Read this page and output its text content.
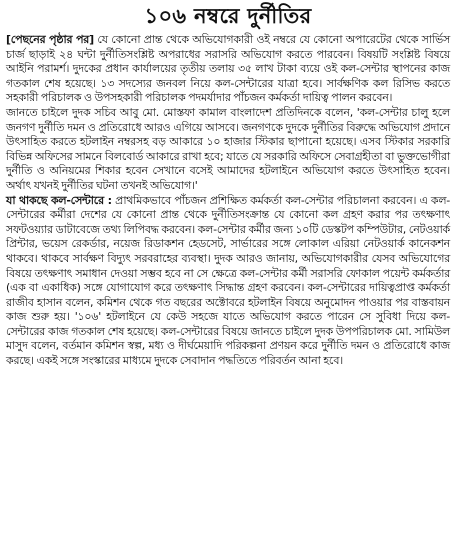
১০৬ নম্বরে দুর্নীতির

[পেছনের পৃষ্ঠার পর] যে কোনো প্রান্ত থেকে অভিযোগকারী ওই নম্বরে যে কোনো অপারেটের থেকে সার্ভিস চার্জ ছাড়াই ২৪ ঘন্টা দুর্নীতিসংশ্লিষ্ট অপরাধের সরাসরি অভিযোগ করতে পারবেন। বিষয়টি সংশ্লিষ্ট বিষয়ে আইনি পরামর্শ। দুদকের প্রধান কার্যালয়ের তৃতীয় তলায় ৩৫ লাখ টাকা ব্যয়ে ওই কল-সেন্টার স্থাপনের কাজ গতকাল শেষ হয়েছে। ১৩ সদস্যের জনবল নিয়ে কল-সেন্টারের যাত্রা হবে। সার্বক্ষণিক কল রিসিভ করতে সহকারী পরিচালক ও উপসহকারী পরিচালক পদমর্যাদার পাঁচজন কর্মকর্তা দায়িত্ব পালন করবেন।

জানতে চাইলে দুদক সচিব আবু মো. মোস্তফা কামাল বাংলাদেশ প্রতিদিনকে বলেন, 'কল-সেন্টার চালু হলে জনগণ দুর্নীতি দমন ও প্রতিরোধে আরও এগিয়ে আসবে। জনগণকে দুদকে দুর্নীতির বিরুদ্ধে অভিযোগ প্রদানে উৎসাহিত করতে হটলাইন নম্বরসহ বড় আকারে ১০ হাজার স্টিকার ছাপানো হয়েছে। এসব স্টিকার সরকারি বিভিন্ন অফিসের সামনে বিলবোর্ড আকারে রাখা হবে; যাতে যে সরকারি অফিসে সেবাগ্রহীতা বা ভুক্তভোগীরা দুর্নীতি ও অনিয়মের শিকার হবেন সেখানে বসেই আমাদের হটলাইনে অভিযোগ করতে উৎসাহিত হবেন। অর্থাৎ যখনই দুর্নীতির ঘটনা তখনই অভিযোগ।'

যা থাকছে কল-সেন্টারে : প্রাথমিকভাবে পাঁচজন প্রশিক্ষিত কর্মকর্তা কল-সেন্টার পরিচালনা করবেন। এ কল-সেন্টারের কর্মীরা দেশের যে কোনো প্রান্ত থেকে দুর্নীতিসংক্রান্ত যে কোনো কল গ্রহণ করার পর তৎক্ষণাৎ সফটওয়্যার ডাটাবেজে তথ্য লিপিবদ্ধ করবেন। কল-সেন্টার কর্মীর জন্য ১০টি ডেস্কটপ কম্পিউটার, নেটওয়ার্ক প্রিন্টার, ভয়েস রেকর্ডার, নয়েজ রিডাকশন হেডসেট, সার্ভারের সঙ্গে লোকাল এরিয়া নেটওয়ার্ক কানেকশন থাকবে। থাকবে সার্বক্ষণ বিদ্যুৎ সরবরাহের ব্যবস্থা। দুদক আরও জানায়, অভিযোগকারীর যেসব অভিযোগের বিষয়ে তৎক্ষণাৎ সমাধান দেওয়া সম্ভব হবে না সে ক্ষেত্রে কল-সেন্টার কর্মী সরাসরি ফোকাল পয়েন্ট কর্মকর্তার (এক বা একাধিক) সঙ্গে যোগাযোগ করে তৎক্ষণাৎ সিদ্ধান্ত গ্রহণ করবেন। কল-সেন্টারের দায়িত্বপ্রাপ্ত কর্মকর্তা রাজীব হাসান বলেন, কমিশন থেকে গত বছরের অক্টোবরে হটলাইন বিষয়ে অনুমোদন পাওয়ার পর বাস্তবায়ন কাজ শুরু হয়। '১০৬' হটলাইনে যে কেউ সহজে যাতে অভিযোগ করতে পারেন সে সুবিধা দিয়ে কল-সেন্টারের কাজ গতকাল শেষ হয়েছে। কল-সেন্টারের বিষয়ে জানতে চাইলে দুদক উপপরিচালক মো. সামিউল মাসুদ বলেন, বর্তমান কমিশন স্বল্প, মধ্য ও দীর্ঘমেয়াদি পরিকল্পনা প্রণয়ন করে দুর্নীতি দমন ও প্রতিরোধে কাজ করছে। একই সঙ্গে সংস্কারের মাধ্যমে দুদকে সেবাদান পদ্ধতিতে পরিবর্তন আনা হবে।
